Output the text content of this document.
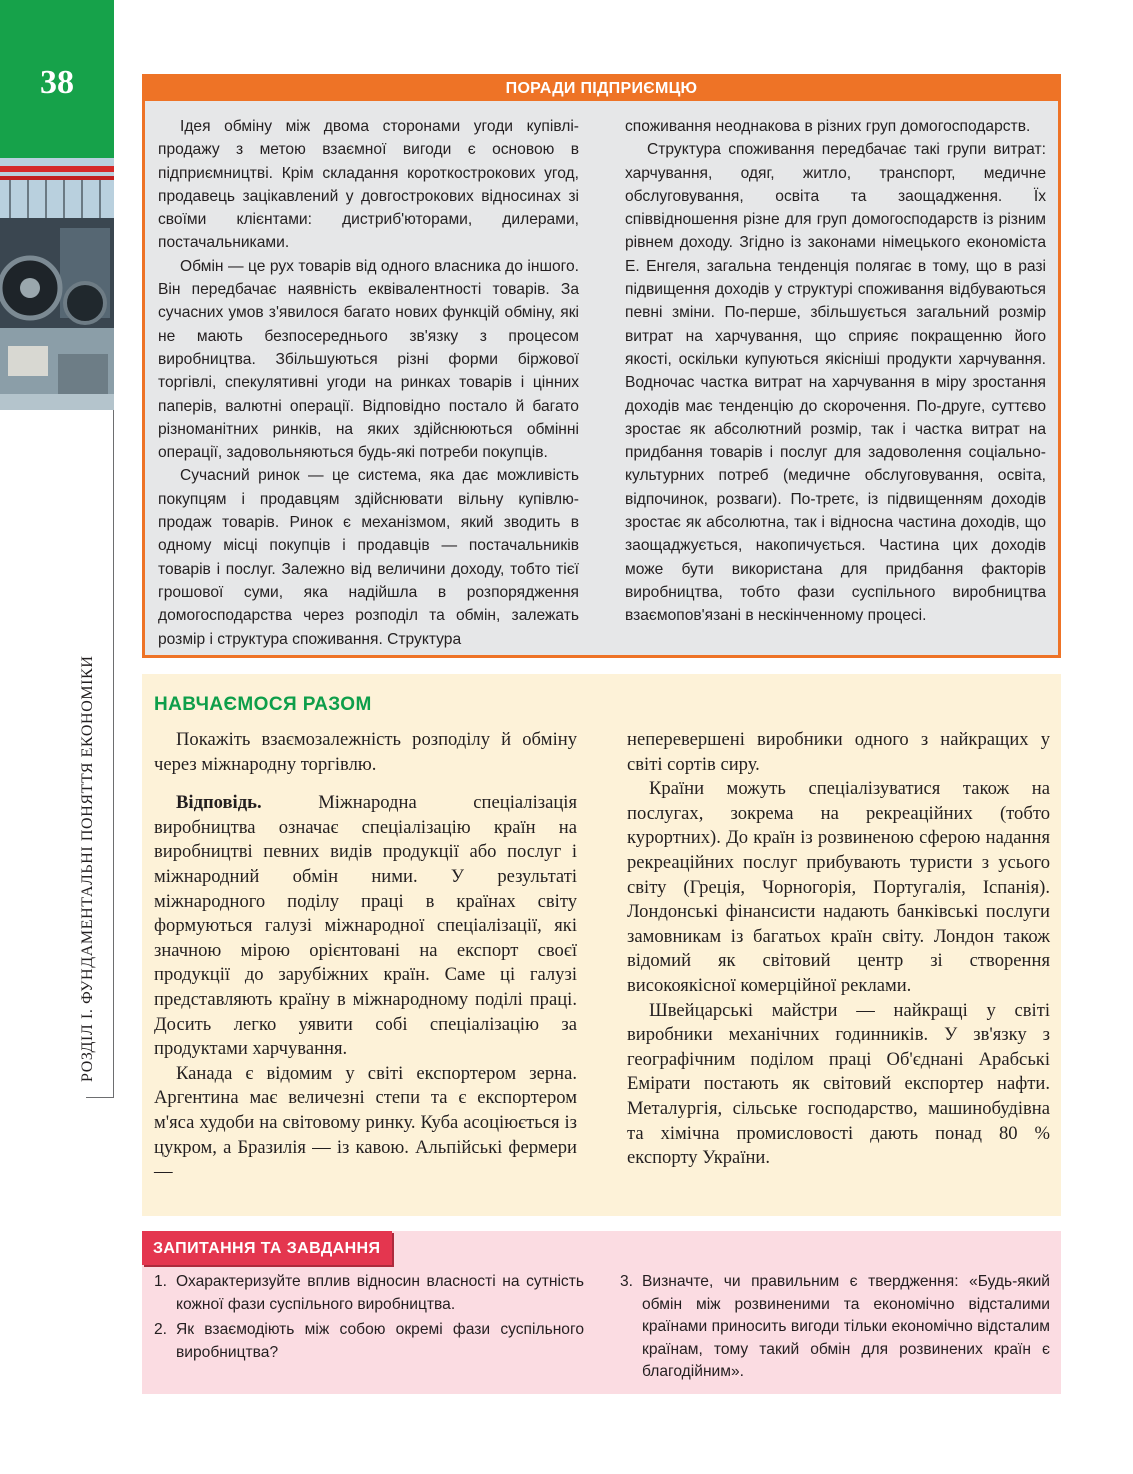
38
РОЗДІЛ І. ФУНДАМЕНТАЛЬНІ ПОНЯТТЯ ЕКОНОМІКИ
ПОРАДИ ПІДПРИЄМЦЮ

Ідея обміну між двома сторонами угоди купівлі-продажу з метою взаємної вигоди є основою в підприємництві. Крім складання короткострокових угод, продавець зацікавлений у довгострокових відносинах зі своїми клієнтами: дистриб'юторами, дилерами, постачальниками.

Обмін — це рух товарів від одного власника до іншого. Він передбачає наявність еквівалентності товарів. За сучасних умов з'явилося багато нових функцій обміну, які не мають безпосереднього зв'язку з процесом виробництва. Збільшуються різні форми біржової торгівлі, спекулятивні угоди на ринках товарів і цінних паперів, валютні операції. Відповідно постало й багато різноманітних ринків, на яких здійснюються обмінні операції, задовольняються будь-які потреби покупців.

Сучасний ринок — це система, яка дає можливість покупцям і продавцям здійснювати вільну купівлю-продаж товарів. Ринок є механізмом, який зводить в одному місці покупців і продавців — постачальників товарів і послуг. Залежно від величини доходу, тобто тієї грошової суми, яка надійшла в розпорядження домогосподарства через розподіл та обмін, залежать розмір і структура споживання. Структура

споживання неоднакова в різних груп домогосподарств.

Структура споживання передбачає такі групи витрат: харчування, одяг, житло, транспорт, медичне обслуговування, освіта та заощадження. Їх співвідношення різне для груп домогосподарств із різним рівнем доходу. Згідно із законами німецького економіста Е. Енгеля, загальна тенденція полягає в тому, що в разі підвищення доходів у структурі споживання відбуваються певні зміни. По-перше, збільшується загальний розмір витрат на харчування, що сприяє покращенню його якості, оскільки купуються якісніші продукти харчування. Водночас частка витрат на харчування в міру зростання доходів має тенденцію до скорочення. По-друге, суттєво зростає як абсолютний розмір, так і частка витрат на придбання товарів і послуг для задоволення соціально-культурних потреб (медичне обслуговування, освіта, відпочинок, розваги). По-третє, із підвищенням доходів зростає як абсолютна, так і відносна частина доходів, що заощаджується, накопичується. Частина цих доходів може бути використана для придбання факторів виробництва, тобто фази суспільного виробництва взаємопов'язані в нескінченному процесі.

НАВЧАЄМОСЯ РАЗОМ

Покажіть взаємозалежність розподілу й обміну через міжнародну торгівлю.

Відповідь. Міжнародна спеціалізація виробництва означає спеціалізацію країн на виробництві певних видів продукції або послуг і міжнародний обмін ними. У результаті міжнародного поділу праці в країнах світу формуються галузі міжнародної спеціалізації, які значною мірою орієнтовані на експорт своєї продукції до зарубіжних країн. Саме ці галузі представляють країну в міжнародному поділі праці. Досить легко уявити собі спеціалізацію за продуктами харчування.

Канада є відомим у світі експортером зерна. Аргентина має величезні степи та є експортером м'яса худоби на світовому ринку. Куба асоціюється із цукром, а Бразилія — із кавою. Альпійські фермери —

неперевершені виробники одного з найкращих у світі сортів сиру.

Країни можуть спеціалізуватися також на послугах, зокрема на рекреаційних (тобто курортних). До країн із розвиненою сферою надання рекреаційних послуг прибувають туристи з усього світу (Греція, Чорногорія, Португалія, Іспанія). Лондонські фінансисти надають банківські послуги замовникам із багатьох країн світу. Лондон також відомий як світовий центр зі створення високоякісної комерційної реклами.

Швейцарські майстри — найкращі у світі виробники механічних годинників. У зв'язку з географічним поділом праці Об'єднані Арабські Емірати постають як світовий експортер нафти. Металургія, сільське господарство, машинобудівна та хімічна промисловості дають понад 80 % експорту України.

ЗАПИТАННЯ ТА ЗАВДАННЯ
1. Охарактеризуйте вплив відносин власності на сутність кожної фази суспільного виробництва.
2. Як взаємодіють між собою окремі фази суспільного виробництва?
3. Визначте, чи правильним є твердження: «Будь-який обмін між розвиненими та економічно відсталими країнами приносить вигоди тільки економічно відсталим країнам, тому такий обмін для розвинених країн є благодійним».
